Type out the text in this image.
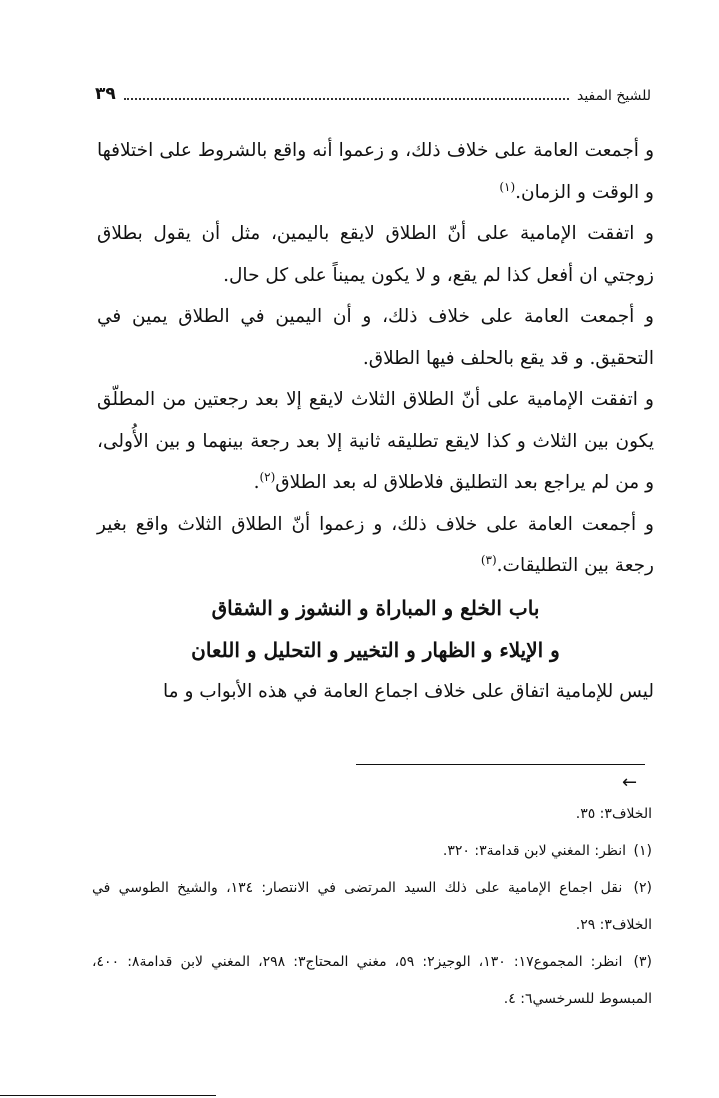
للشيخ المفيد
٣٩

و أجمعت العامة على خلاف ذلك، و زعموا أنه واقع بالشروط على اختلافها و الوقت و الزمان.$^{(١)}$

و اتفقت الإمامية على أنّ الطلاق لايقع باليمين، مثل أن يقول بطلاق زوجتي ان أفعل كذا لم يقع، و لا يكون يميناً على كل حال.

و أجمعت العامة على خلاف ذلك، و أن اليمين في الطلاق يمين في التحقيق. و قد يقع بالحلف فيها الطلاق.

و اتفقت الإمامية على أنّ الطلاق الثلاث لايقع إلا بعد رجعتين من المطلّق يكون بين الثلاث و كذا لايقع تطليقه ثانية إلا بعد رجعة بينهما و بين الأُولى، و من لم يراجع بعد التطليق فلاطلاق له بعد الطلاق$^{(٢)}$.

و أجمعت العامة على خلاف ذلك، و زعموا أنّ الطلاق الثلاث واقع بغير رجعة بين التطليقات.$^{(٣)}$

باب الخلع و المباراة و النشوز و الشقاق

و الإيلاء و الظهار و التخيير و التحليل و اللعان

ليس للإمامية اتفاق على خلاف اجماع العامة في هذه الأبواب و ما

←

الخلاف٣: ٣٥.

(١) انظر: المغني لابن قدامة٣: ٣٢٠.

(٢) نقل اجماع الإمامية على ذلك السيد المرتضى في الانتصار: ١٣٤، والشيخ الطوسي في الخلاف٣: ٢٩.

(٣) انظر: المجموع١٧: ١٣٠، الوجيز٢: ٥٩، مغني المحتاج٣: ٢٩٨، المغني لابن قدامة٨: ٤٠٠، المبسوط للسرخسي٦: ٤.
